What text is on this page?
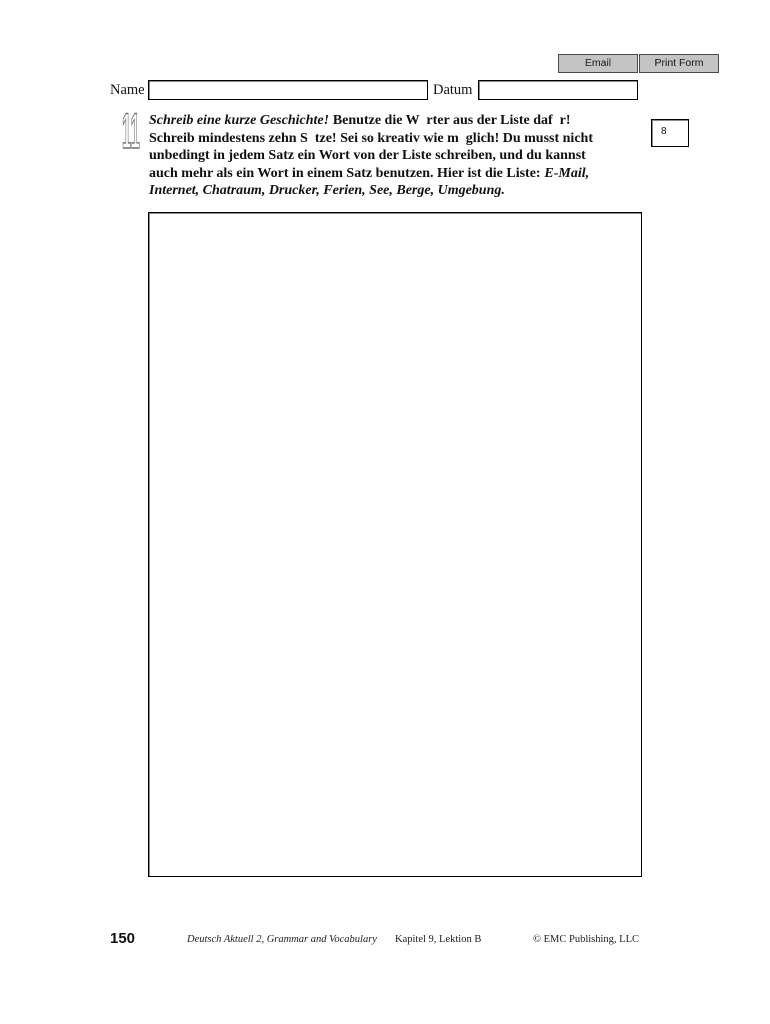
Email	Print Form
Name	Datum
11 Schreib eine kurze Geschichte! Benutze die W  rter aus der Liste daf  r!
Schreib mindestens zehn S  tze! Sei so kreativ wie m  glich! Du musst nicht
unbedingt in jedem Satz ein Wort von der Liste schreiben, und du kannst
auch mehr als ein Wort in einem Satz benutzen. Hier ist die Liste: E-Mail,
Internet, Chatraum, Drucker, Ferien, See, Berge, Umgebung.
8
150	Deutsch Aktuell 2, Grammar and Vocabulary Kapitel 9, Lektion B	© EMC Publishing, LLC
